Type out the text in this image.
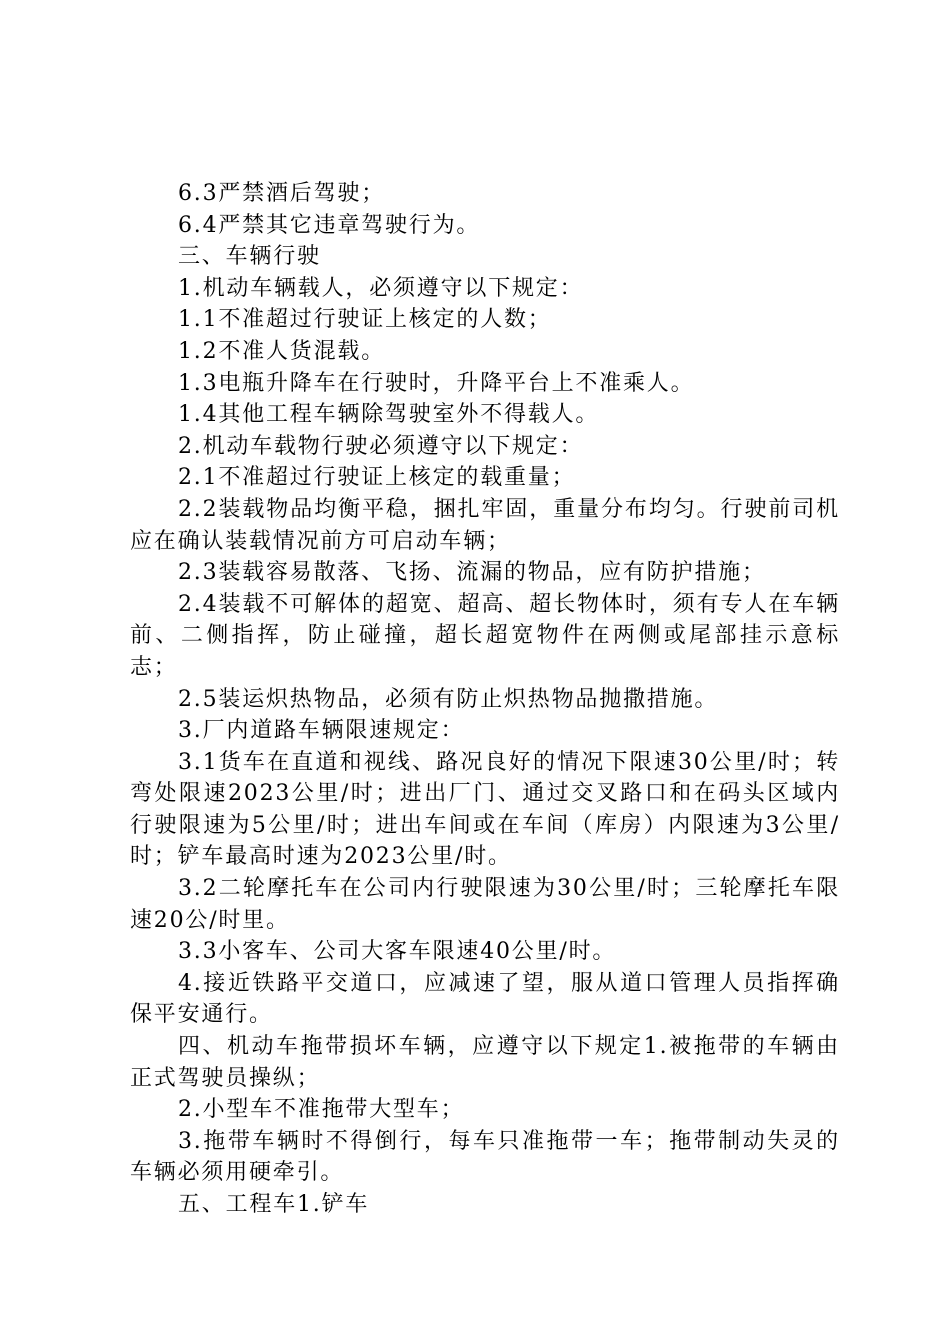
6.3严禁酒后驾驶；

6.4严禁其它违章驾驶行为。

三、车辆行驶

1.机动车辆载人，必须遵守以下规定：

1.1不准超过行驶证上核定的人数；

1.2不准人货混载。

1.3电瓶升降车在行驶时，升降平台上不准乘人。

1.4其他工程车辆除驾驶室外不得载人。

2.机动车载物行驶必须遵守以下规定：

2.1不准超过行驶证上核定的载重量；

2.2装载物品均衡平稳，捆扎牢固，重量分布均匀。行驶前司机应在确认装载情况前方可启动车辆；

2.3装载容易散落、飞扬、流漏的物品，应有防护措施；

2.4装载不可解体的超宽、超高、超长物体时，须有专人在车辆前、二侧指挥，防止碰撞，超长超宽物件在两侧或尾部挂示意标志；

2.5装运炽热物品，必须有防止炽热物品抛撒措施。

3.厂内道路车辆限速规定：

3.1货车在直道和视线、路况良好的情况下限速30公里/时；转弯处限速2023公里/时；进出厂门、通过交叉路口和在码头区域内行驶限速为5公里/时；进出车间或在车间（库房）内限速为3公里/时；铲车最高时速为2023公里/时。

3.2二轮摩托车在公司内行驶限速为30公里/时；三轮摩托车限速20公/时里。

3.3小客车、公司大客车限速40公里/时。

4.接近铁路平交道口，应减速了望，服从道口管理人员指挥确保平安通行。

四、机动车拖带损坏车辆，应遵守以下规定1.被拖带的车辆由正式驾驶员操纵；

2.小型车不准拖带大型车；

3.拖带车辆时不得倒行，每车只准拖带一车；拖带制动失灵的车辆必须用硬牵引。

五、工程车1.铲车
